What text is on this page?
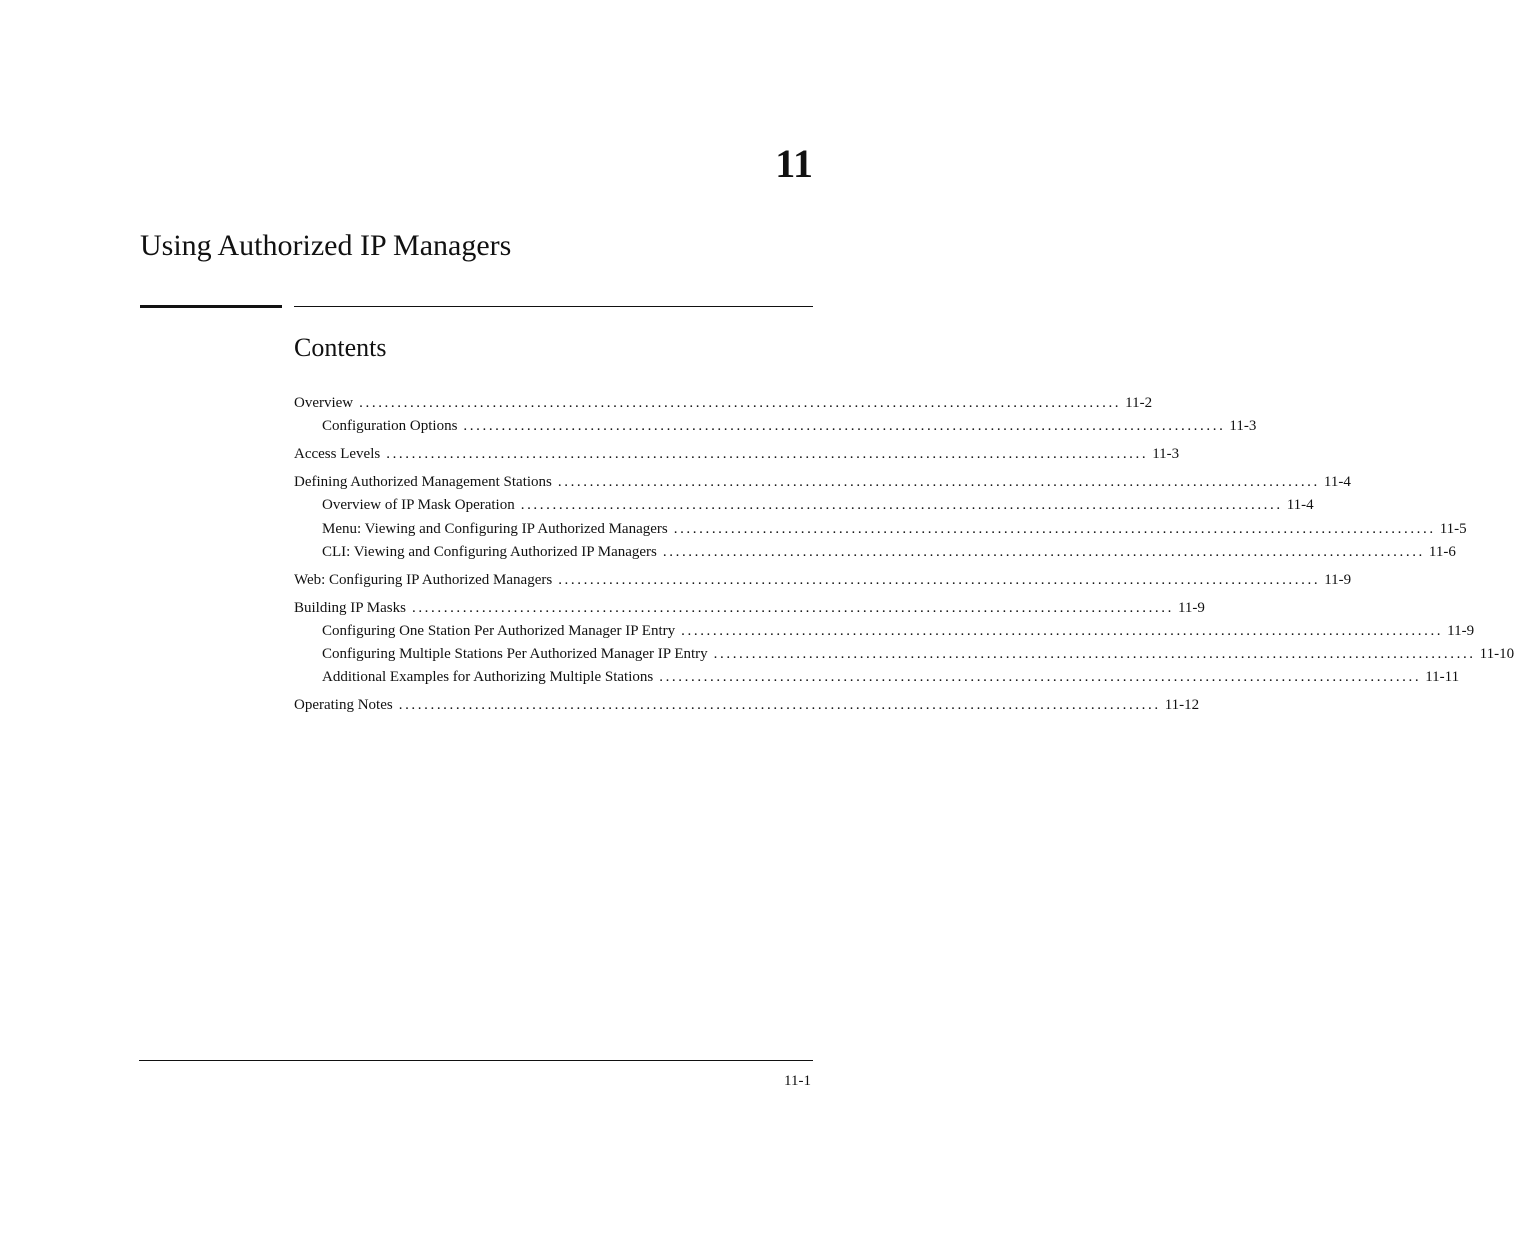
11
Using Authorized IP Managers
Contents
Overview ........................................................................................................................ 11-2
Configuration Options ........................................................................................................................ 11-3
Access Levels ........................................................................................................................ 11-3
Defining Authorized Management Stations ........................................................................................................................ 11-4
Overview of IP Mask Operation ........................................................................................................................ 11-4
Menu: Viewing and Configuring IP Authorized Managers ........................................................................................................................ 11-5
CLI: Viewing and Configuring Authorized IP Managers ........................................................................................................................ 11-6
Web: Configuring IP Authorized Managers ........................................................................................................................ 11-9
Building IP Masks ........................................................................................................................ 11-9
Configuring One Station Per Authorized Manager IP Entry ........................................................................................................................ 11-9
Configuring Multiple Stations Per Authorized Manager IP Entry ........................................................................................................................ 11-10
Additional Examples for Authorizing Multiple Stations ........................................................................................................................ 11-11
Operating Notes ........................................................................................................................ 11-12
11-1
